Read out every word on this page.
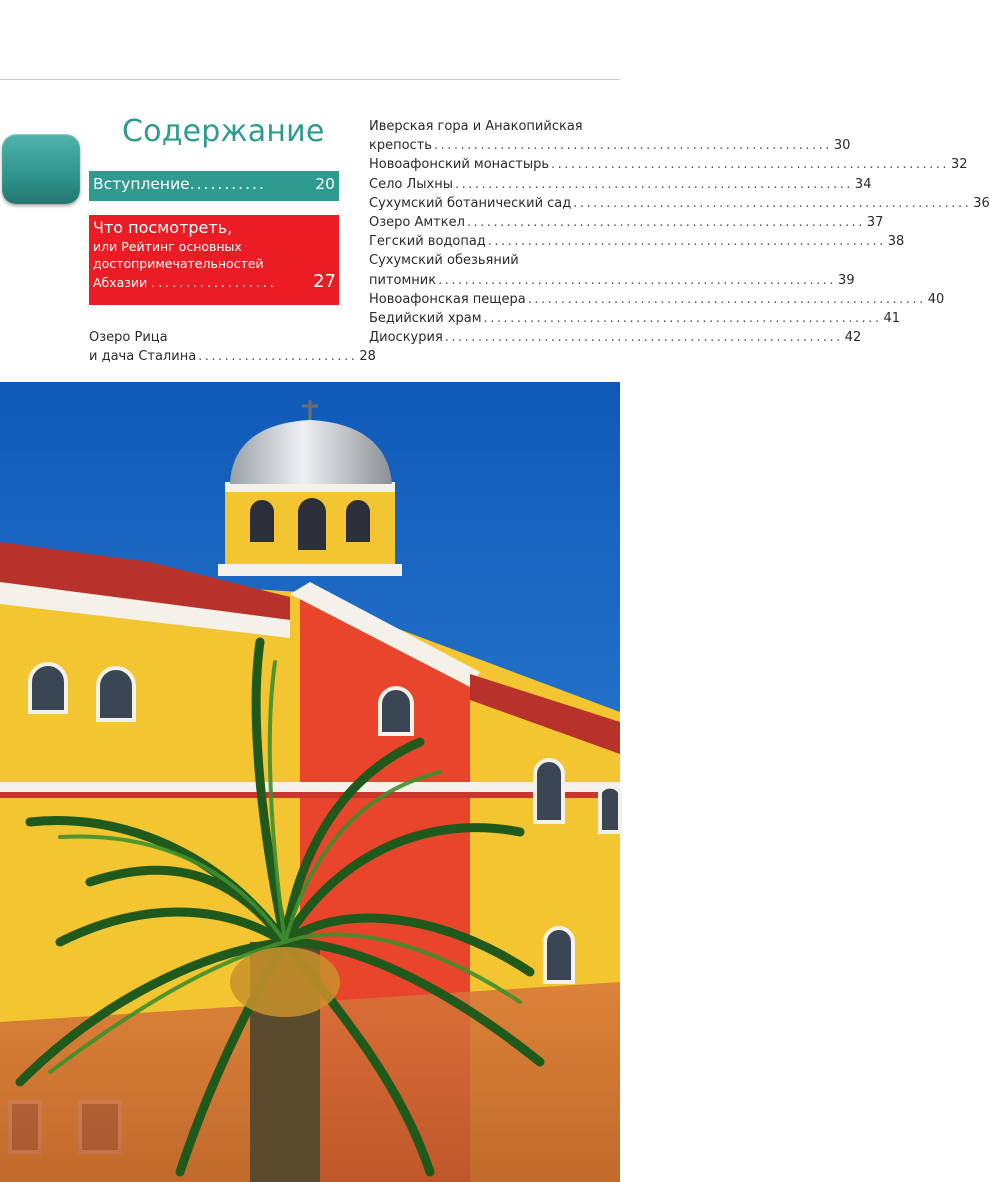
Содержание
Вступление ...........	20
Что посмотреть,
или Рейтинг основных
достопримечательностей
Абхазии ..................	27
Озеро Рица
и дача Сталина ........................ 28
Иверская гора и Анакопийская
крепость ............................................................ 30
Новоафонский монастырь ............................................................ 32
Село Лыхны ............................................................ 34
Сухумский ботанический сад ............................................................ 36
Озеро Амткел ............................................................ 37
Гегский водопад ............................................................ 38
Сухумский обезьяний
питомник ............................................................ 39
Новоафонская пещера ............................................................ 40
Бедийский храм ............................................................ 41
Диоскурия ............................................................ 42
